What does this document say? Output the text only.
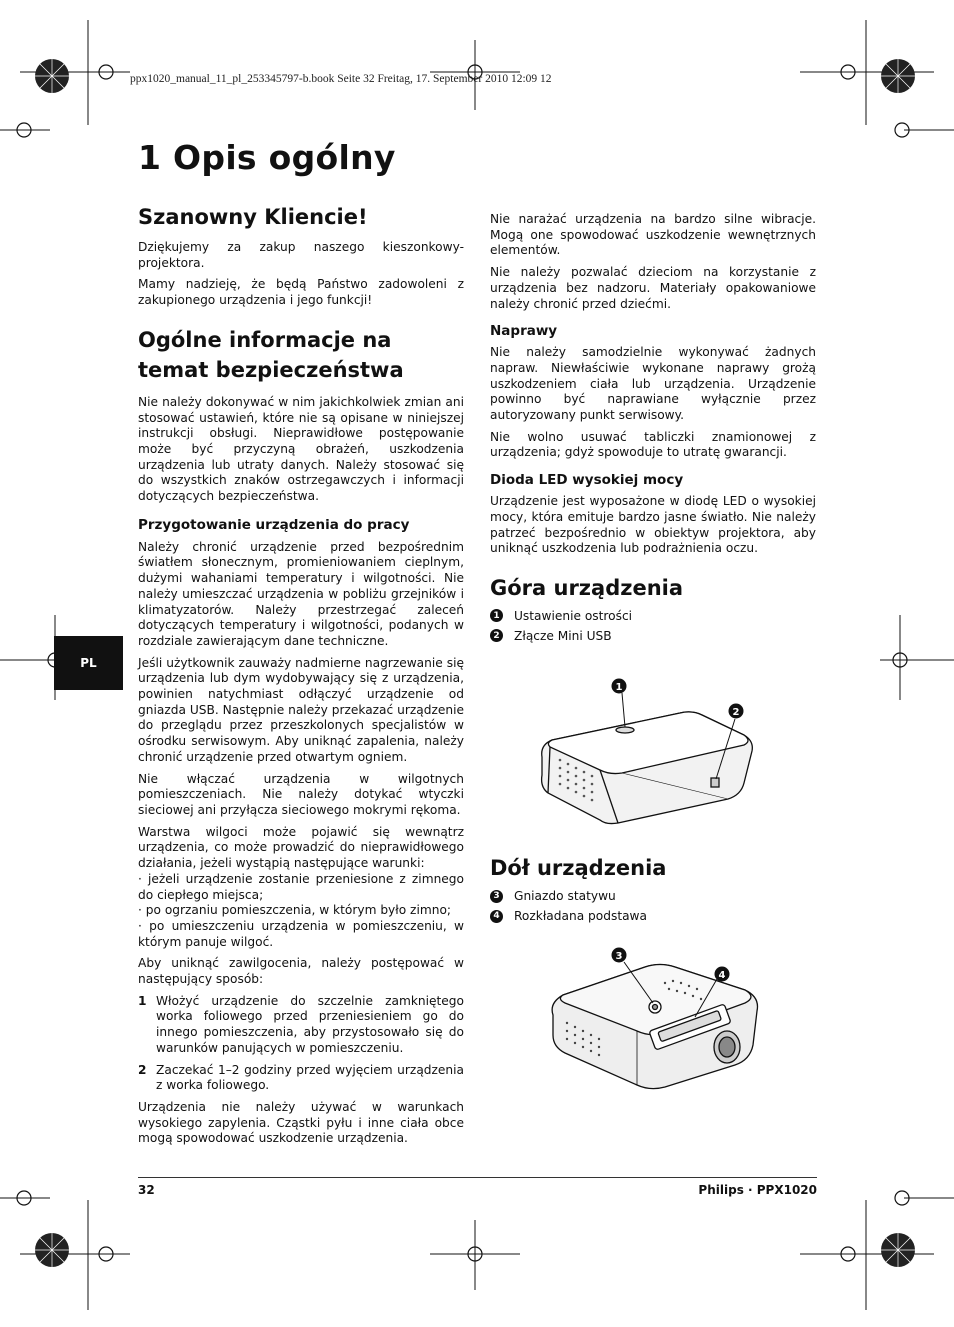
ppx1020_manual_11_pl_253345797-b.book Seite 32 Freitag, 17. September 2010 12:09 12
1 Opis ogólny
PL
Szanowny Kliencie!

Dziękujemy za zakup naszego kieszonkowy-projektora.

Mamy nadzieję, że będą Państwo zadowoleni z zakupionego urządzenia i jego funkcji!

Ogólne informacje na temat bezpieczeństwa

Nie należy dokonywać w nim jakichkolwiek zmian ani stosować ustawień, które nie są opisane w niniejszej instrukcji obsługi. Nieprawidłowe postępowanie może być przyczyną obrażeń, uszkodzenia urządzenia lub utraty danych. Należy stosować się do wszystkich znaków ostrzegawczych i informacji dotyczących bezpieczeństwa.

Przygotowanie urządzenia do pracy

Należy chronić urządzenie przed bezpośrednim światłem słonecznym, promieniowaniem cieplnym, dużymi wahaniami temperatury i wilgotności. Nie należy umieszczać urządzenia w pobliżu grzejników i klimatyzatorów. Należy przestrzegać zaleceń dotyczących temperatury i wilgotności, podanych w rozdziale zawierającym dane techniczne.

Jeśli użytkownik zauważy nadmierne nagrzewanie się urządzenia lub dym wydobywający się z urządzenia, powinien natychmiast odłączyć urządzenie od gniazda USB. Następnie należy przekazać urządzenie do przeglądu przez przeszkolonych specjalistów w ośrodku serwisowym. Aby uniknąć zapalenia, należy chronić urządzenie przed otwartym ogniem.

Nie włączać urządzenia w wilgotnych pomieszczeniach. Nie należy dotykać wtyczki sieciowej ani przyłącza sieciowego mokrymi rękoma.

Warstwa wilgoci może pojawić się wewnątrz urządzenia, co może prowadzić do nieprawidłowego działania, jeżeli wystąpią następujące warunki:

· jeżeli urządzenie zostanie przeniesione z zimnego do ciepłego miejsca;

· po ogrzaniu pomieszczenia, w którym było zimno;

· po umieszczeniu urządzenia w pomieszczeniu, w którym panuje wilgoć.

Aby uniknąć zawilgocenia, należy postępować w następujący sposób:

1 Włożyć urządzenie do szczelnie zamkniętego worka foliowego przed przeniesieniem go do innego pomieszczenia, aby przystosowało się do warunków panujących w pomieszczeniu.
2 Zaczekać 1–2 godziny przed wyjęciem urządzenia z worka foliowego.

Urządzenia nie należy używać w warunkach wysokiego zapylenia. Cząstki pyłu i inne ciała obce mogą spowodować uszkodzenie urządzenia.

Nie narażać urządzenia na bardzo silne wibracje. Mogą one spowodować uszkodzenie wewnętrznych elementów.

Nie należy pozwalać dzieciom na korzystanie z urządzenia bez nadzoru. Materiały opakowaniowe należy chronić przed dziećmi.

Naprawy

Nie należy samodzielnie wykonywać żadnych napraw. Niewłaściwie wykonane naprawy grożą uszkodzeniem ciała lub urządzenia. Urządzenie powinno być naprawiane wyłącznie przez autoryzowany punkt serwisowy.

Nie wolno usuwać tabliczki znamionowej z urządzenia; gdyż spowoduje to utratę gwarancji.

Dioda LED wysokiej mocy

Urządzenie jest wyposażone w diodę LED o wysokiej mocy, która emituje bardzo jasne światło. Nie należy patrzeć bezpośrednio w obiektyw projektora, aby uniknąć uszkodzenia lub podrażnienia oczu.

Góra urządzenia
1 Ustawienie ostrości
2 Złącze Mini USB
1
2
Dół urządzenia
3 Gniazdo statywu
4 Rozkładana podstawa
3
4
32	Philips · PPX1020
